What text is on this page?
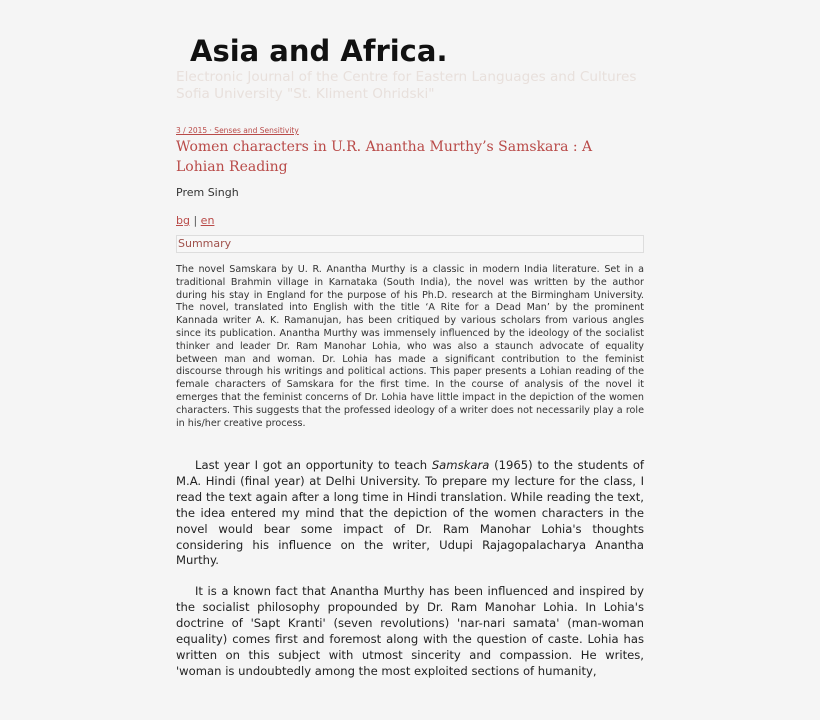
Asia and Africa.

Electronic Journal of the Centre for Eastern Languages and Cultures Sofia University "St. Kliment Ohridski"

3 / 2015 · Senses and Sensitivity
Women characters in U.R. Anantha Murthy’s Samskara : A Lohian Reading
Prem Singh
bg | en
Summary

The novel Samskara by U. R. Anantha Murthy is a classic in modern India literature. Set in a traditional Brahmin village in Karnataka (South India), the novel was written by the author during his stay in England for the purpose of his Ph.D. research at the Birmingham University. The novel, translated into English with the title ‘A Rite for a Dead Man’ by the prominent Kannada writer A. K. Ramanujan, has been critiqued by various scholars from various angles since its publication. Anantha Murthy was immensely influenced by the ideology of the socialist thinker and leader Dr. Ram Manohar Lohia, who was also a staunch advocate of equality between man and woman. Dr. Lohia has made a significant contribution to the feminist discourse through his writings and political actions. This paper presents a Lohian reading of the female characters of Samskara for the first time. In the course of analysis of the novel it emerges that the feminist concerns of Dr. Lohia have little impact in the depiction of the women characters. This suggests that the professed ideology of a writer does not necessarily play a role in his/her creative process.

Last year I got an opportunity to teach Samskara (1965) to the students of M.A. Hindi (final year) at Delhi University. To prepare my lecture for the class, I read the text again after a long time in Hindi translation. While reading the text, the idea entered my mind that the depiction of the women characters in the novel would bear some impact of Dr. Ram Manohar Lohia's thoughts considering his influence on the writer, Udupi Rajagopalacharya Anantha Murthy.

It is a known fact that Anantha Murthy has been influenced and inspired by the socialist philosophy propounded by Dr. Ram Manohar Lohia. In Lohia's doctrine of 'Sapt Kranti' (seven revolutions) 'nar-nari samata' (man-woman equality) comes first and foremost along with the question of caste. Lohia has written on this subject with utmost sincerity and compassion. He writes, 'woman is undoubtedly among the most exploited sections of humanity,
